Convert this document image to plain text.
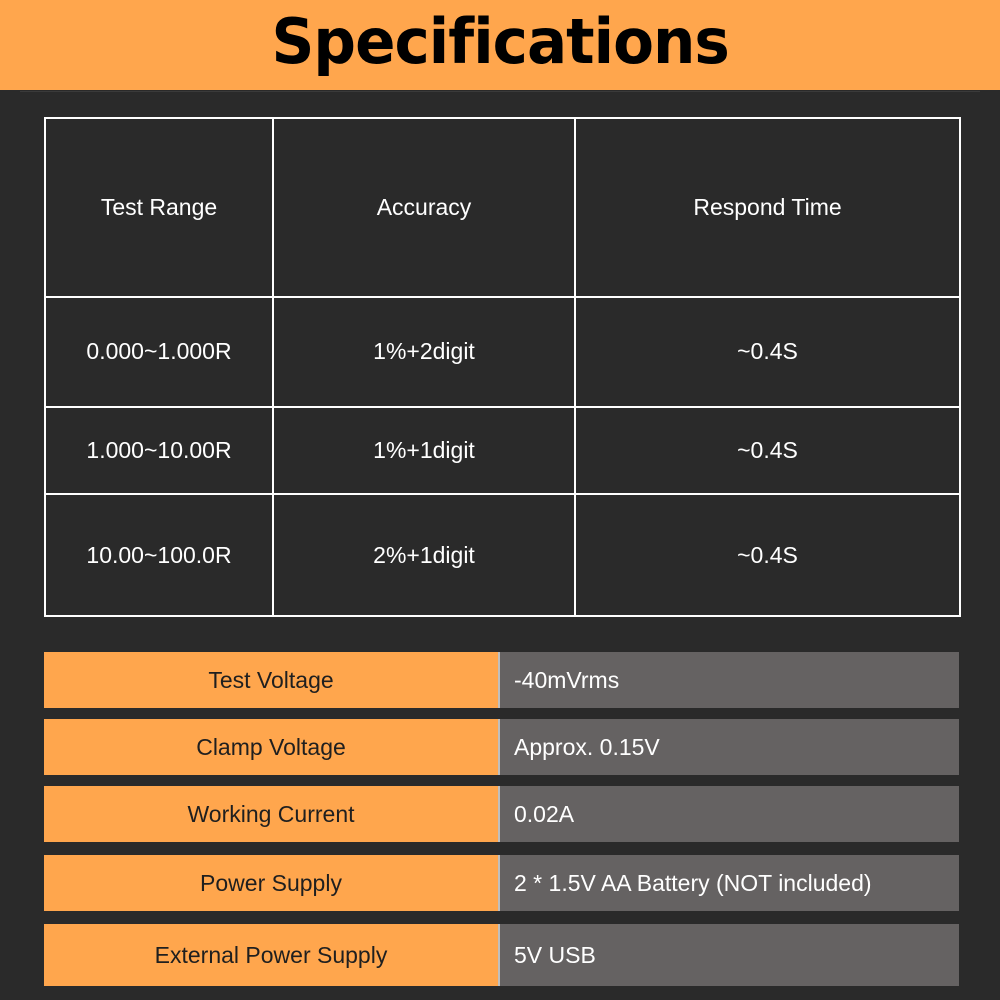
Specifications
Test Range	Accuracy	Respond Time
0.000~1.000R	1%+2digit	~0.4S
1.000~10.00R	1%+1digit	~0.4S
10.00~100.0R	2%+1digit	~0.4S
Test Voltage	-40mVrms
Clamp Voltage	Approx. 0.15V
Working Current	0.02A
Power Supply	2 * 1.5V AA Battery (NOT included)
External Power Supply	5V USB
